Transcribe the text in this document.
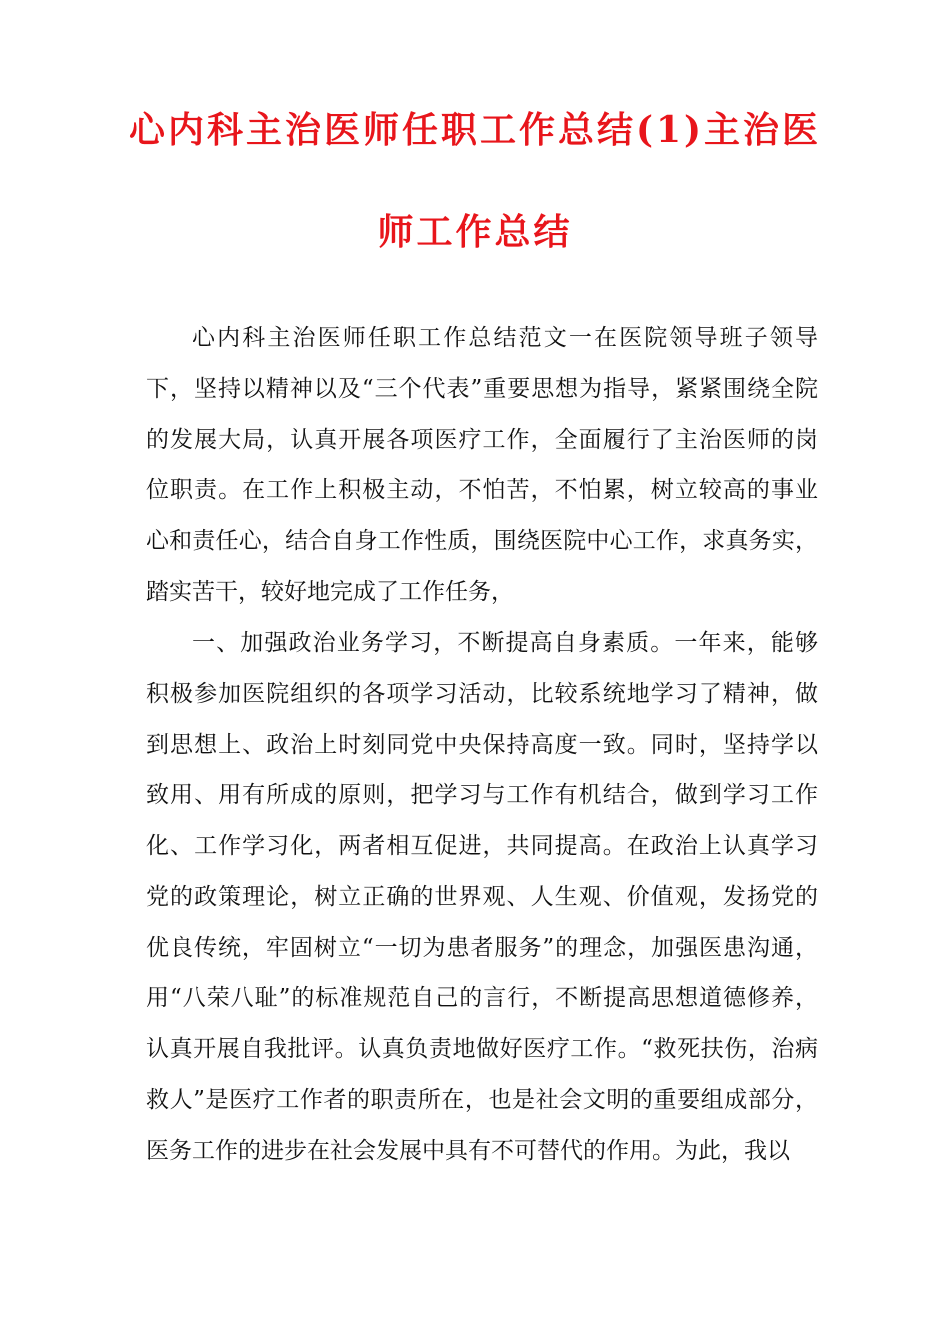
心内科主治医师任职工作总结(1)主治医
师工作总结
心内科主治医师任职工作总结范文一在医院领导班子领导
下，坚持以精神以及“三个代表”重要思想为指导，紧紧围绕全院
的发展大局，认真开展各项医疗工作，全面履行了主治医师的岗
位职责。在工作上积极主动，不怕苦，不怕累，树立较高的事业
心和责任心，结合自身工作性质，围绕医院中心工作，求真务实，
踏实苦干，较好地完成了工作任务，
一、加强政治业务学习，不断提高自身素质。一年来，能够
积极参加医院组织的各项学习活动，比较系统地学习了精神，做
到思想上、政治上时刻同党中央保持高度一致。同时，坚持学以
致用、用有所成的原则，把学习与工作有机结合，做到学习工作
化、工作学习化，两者相互促进，共同提高。在政治上认真学习
党的政策理论，树立正确的世界观、人生观、价值观，发扬党的
优良传统，牢固树立“一切为患者服务”的理念，加强医患沟通，
用“八荣八耻”的标准规范自己的言行，不断提高思想道德修养，
认真开展自我批评。认真负责地做好医疗工作。“救死扶伤，治病
救人”是医疗工作者的职责所在，也是社会文明的重要组成部分，
医务工作的进步在社会发展中具有不可替代的作用。为此，我以
